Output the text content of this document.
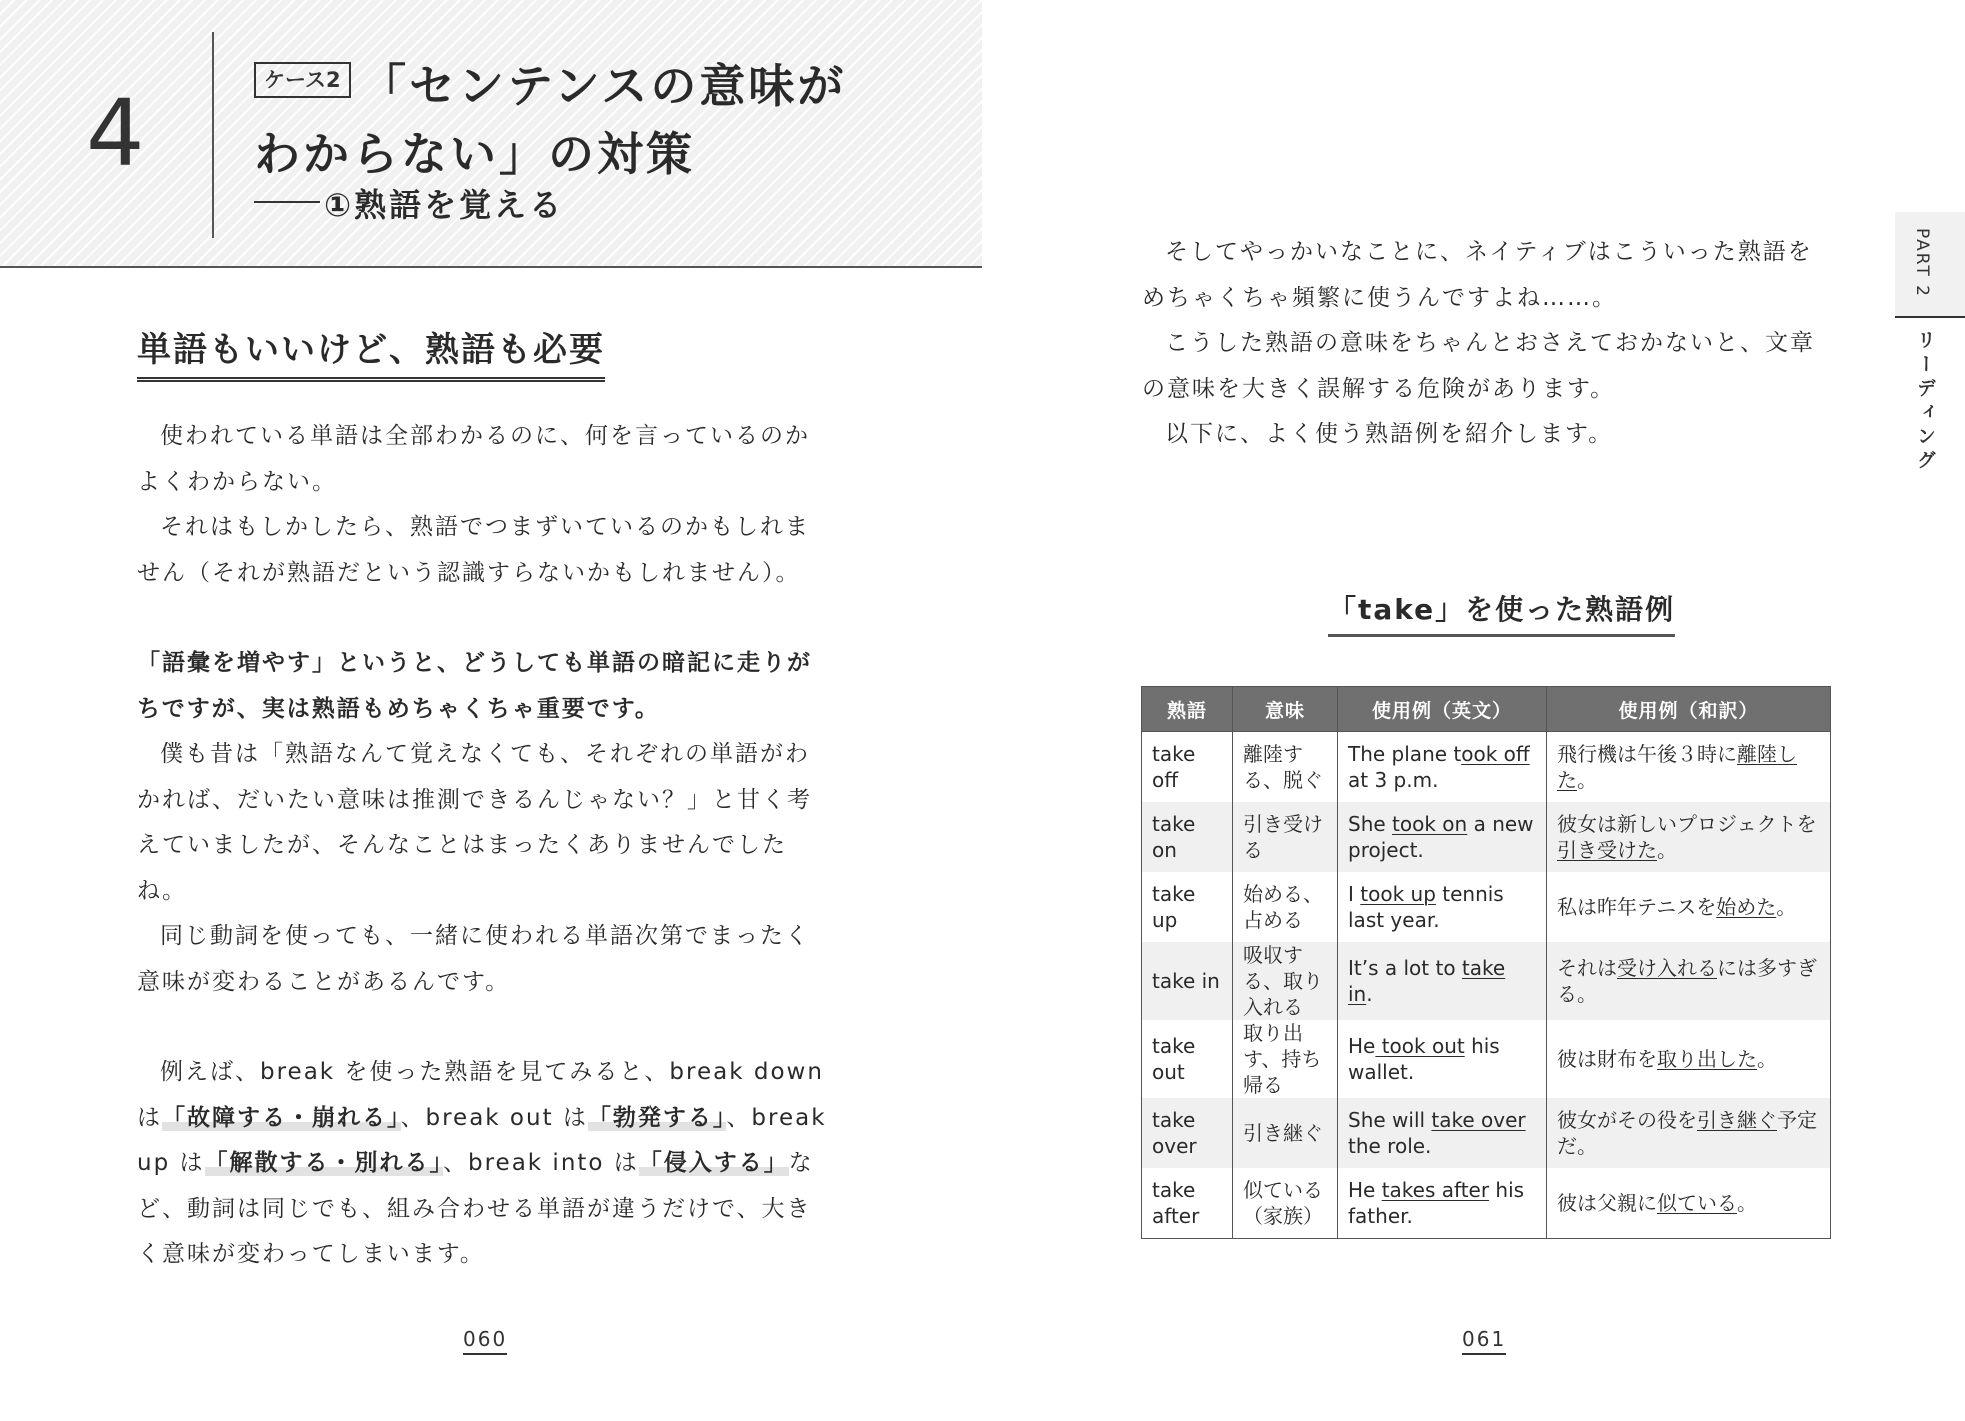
4	ケース2 「センテンスの意味が
わからない」の対策
①熟語を覚える
単語もいいけど、熟語も必要

使われている単語は全部わかるのに、何を言っているのかよくわからない。

それはもしかしたら、熟語でつまずいているのかもしれません（それが熟語だという認識すらないかもしれません）。

「語彙を増やす」というと、どうしても単語の暗記に走りがちですが、実は熟語もめちゃくちゃ重要です。

僕も昔は「熟語なんて覚えなくても、それぞれの単語がわかれば、だいたい意味は推測できるんじゃない？」と甘く考えていましたが、そんなことはまったくありませんでしたね。

同じ動詞を使っても、一緒に使われる単語次第でまったく意味が変わることがあるんです。

例えば、break を使った熟語を見てみると、break down は「故障する・崩れる」、break out は「勃発する」、break up は「解散する・別れる」、break into は「侵入する」など、動詞は同じでも、組み合わせる単語が違うだけで、大きく意味が変わってしまいます。

060

そしてやっかいなことに、ネイティブはこういった熟語をめちゃくちゃ頻繁に使うんですよね……。

こうした熟語の意味をちゃんとおさえておかないと、文章の意味を大きく誤解する危険があります。

以下に、よく使う熟語例を紹介します。

PART 2
リーディング
「take」を使った熟語例
熟語	意味	使用例（英文）	使用例（和訳）
take off	離陸する、脱ぐ	The plane took off at 3 p.m.	飛行機は午後３時に離陸した。
take on	引き受ける	She took on a new project.	彼女は新しいプロジェクトを引き受けた。
take up	始める、占める	I took up tennis last year.	私は昨年テニスを始めた。
take in	吸収する、取り入れる	It’s a lot to take in.	それは受け入れるには多すぎる。
take out	取り出す、持ち帰る	He took out his wallet.	彼は財布を取り出した。
take over	引き継ぐ	She will take over the role.	彼女がその役を引き継ぐ予定だ。
take after	似ている（家族）	He takes after his father.	彼は父親に似ている。
061
